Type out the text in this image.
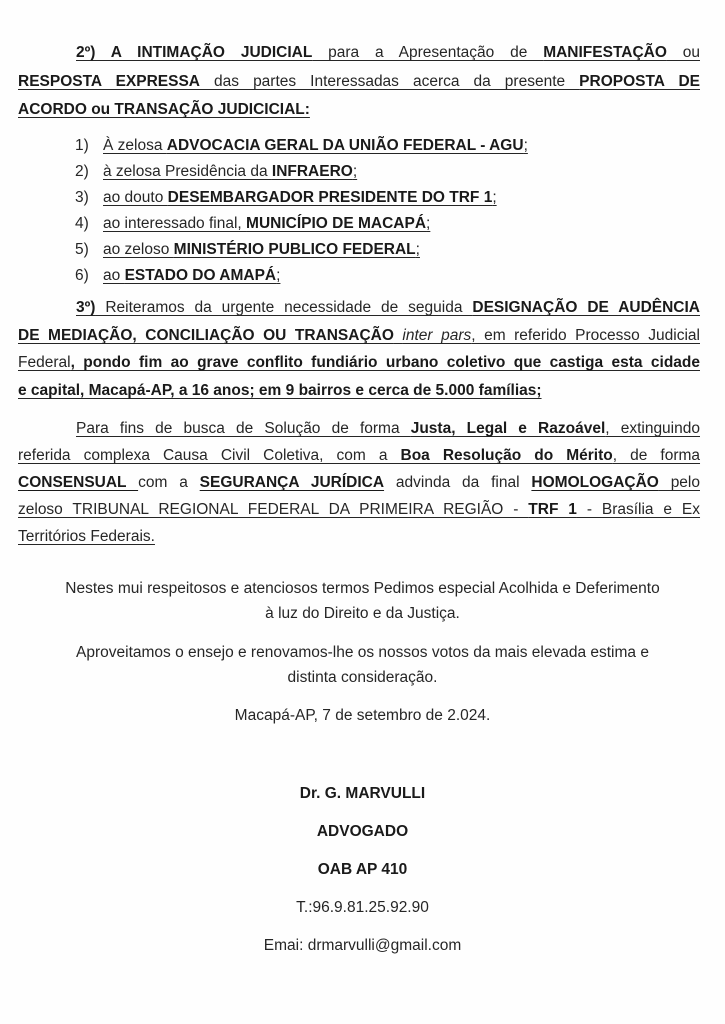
2º) A INTIMAÇÃO JUDICIAL para a Apresentação de MANIFESTAÇÃO ou
RESPOSTA EXPRESSA das partes Interessadas acerca da presente PROPOSTA DE
ACORDO ou TRANSAÇÃO JUDICICIAL:
1) À zelosa ADVOCACIA GERAL DA UNIÃO FEDERAL - AGU;
2) à zelosa Presidência da INFRAERO;
3) ao douto DESEMBARGADOR PRESIDENTE DO TRF 1;
4) ao interessado final, MUNICÍPIO DE MACAPÁ;
5) ao zeloso MINISTÉRIO PUBLICO FEDERAL;
6) ao ESTADO DO AMAPÁ;
3º) Reiteramos da urgente necessidade de seguida DESIGNAÇÃO DE AUDÊNCIA
DE MEDIAÇÃO, CONCILIAÇÃO OU TRANSAÇÃO inter pars, em referido Processo Judicial
Federal, pondo fim ao grave conflito fundiário urbano coletivo que castiga esta cidade
e capital, Macapá-AP, a 16 anos; em 9 bairros e cerca de 5.000 famílias;
Para fins de busca de Solução de forma Justa, Legal e Razoável, extinguindo
referida complexa Causa Civil Coletiva, com a Boa Resolução do Mérito, de forma
CONSENSUAL com a SEGURANÇA JURÍDICA advinda da final HOMOLOGAÇÃO pelo
zeloso TRIBUNAL REGIONAL FEDERAL DA PRIMEIRA REGIÃO - TRF 1 - Brasília e Ex
Territórios Federais.
Nestes mui respeitosos e atenciosos termos Pedimos especial Acolhida e Deferimento
à luz do Direito e da Justiça.
Aproveitamos o ensejo e renovamos-lhe os nossos votos da mais elevada estima e
distinta consideração.
Macapá-AP, 7 de setembro de 2.024.
Dr. G. MARVULLI
ADVOGADO
OAB AP 410
T.:96.9.81.25.92.90
Emai: drmarvulli@gmail.com
